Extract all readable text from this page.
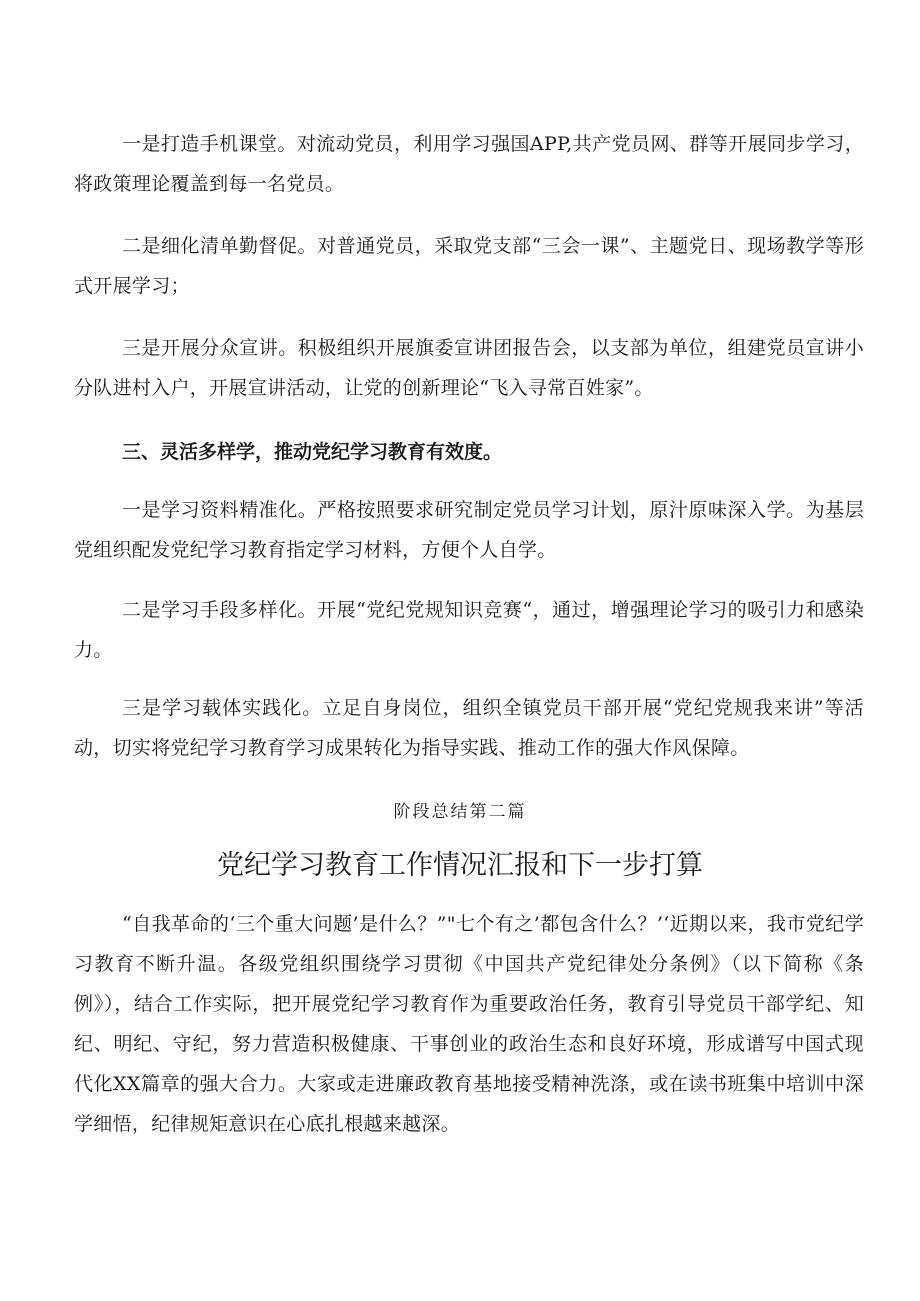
一是打造手机课堂。对流动党员，利用学习强国APP,共产党员网、群等开展同步学习，将政策理论覆盖到每一名党员。

二是细化清单勤督促。对普通党员，采取党支部“三会一课”、主题党日、现场教学等形式开展学习；

三是开展分众宣讲。积极组织开展旗委宣讲团报告会，以支部为单位，组建党员宣讲小分队进村入户，开展宣讲活动，让党的创新理论“飞入寻常百姓家”。

三、灵活多样学，推动党纪学习教育有效度。

一是学习资料精准化。严格按照要求研究制定党员学习计划，原汁原味深入学。为基层党组织配发党纪学习教育指定学习材料，方便个人自学。

二是学习手段多样化。开展“党纪党规知识竞赛“，通过，增强理论学习的吸引力和感染力。

三是学习载体实践化。立足自身岗位，组织全镇党员干部开展“党纪党规我来讲”等活动，切实将党纪学习教育学习成果转化为指导实践、推动工作的强大作风保障。

阶段总结第二篇

党纪学习教育工作情况汇报和下一步打算

“自我革命的‘三个重大问题’是什么？”"七个有之’都包含什么？’‘近期以来，我市党纪学习教育不断升温。各级党组织围绕学习贯彻《中国共产党纪律处分条例》（以下简称《条例》），结合工作实际，把开展党纪学习教育作为重要政治任务，教育引导党员干部学纪、知纪、明纪、守纪，努力营造积极健康、干事创业的政治生态和良好环境，形成谱写中国式现代化XX篇章的强大合力。大家或走进廉政教育基地接受精神洗涤，或在读书班集中培训中深学细悟，纪律规矩意识在心底扎根越来越深。
